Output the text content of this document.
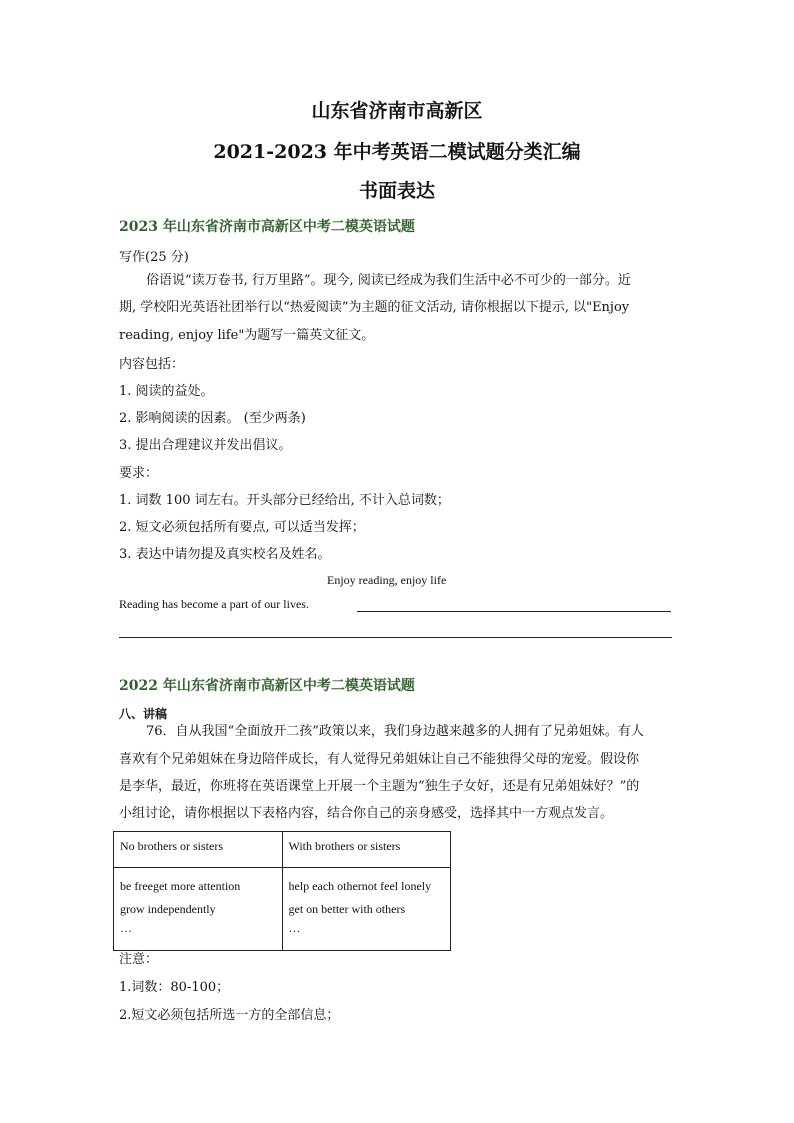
山东省济南市高新区
2021-2023 年中考英语二模试题分类汇编
书面表达
2023 年山东省济南市高新区中考二模英语试题
写作(25 分)
俗语说“读万卷书, 行万里路”。现今, 阅读已经成为我们生活中必不可少的一部分。近
期, 学校阳光英语社团举行以“热爱阅读”为主题的征文活动, 请你根据以下提示, 以"Enjoy
reading, enjoy life"为题写一篇英文征文。
内容包括：
1. 阅读的益处。
2. 影响阅读的因素。 (至少两条)
3. 提出合理建议并发出倡议。
要求：
1. 词数 100 词左右。开头部分已经给出, 不计入总词数；
2. 短文必须包括所有要点, 可以适当发挥；
3. 表达中请勿提及真实校名及姓名。
Enjoy reading, enjoy life
Reading has become a part of our lives.
2022 年山东省济南市高新区中考二模英语试题
八、讲稿
76．自从我国“全面放开二孩”政策以来，我们身边越来越多的人拥有了兄弟姐妹。有人
喜欢有个兄弟姐妹在身边陪伴成长，有人觉得兄弟姐妹让自己不能独得父母的宠爱。假设你
是李华，最近，你班将在英语课堂上开展一个主题为“独生子女好，还是有兄弟姐妹好？”的
小组讨论，请你根据以下表格内容，结合你自己的亲身感受，选择其中一方观点发言。
No brothers or sisters	With brothers or sisters

be freeget more attention
grow independently
…	help each othernot feel lonely
get on better with others
…
注意：
1.词数：80-100；
2.短文必须包括所选一方的全部信息；
